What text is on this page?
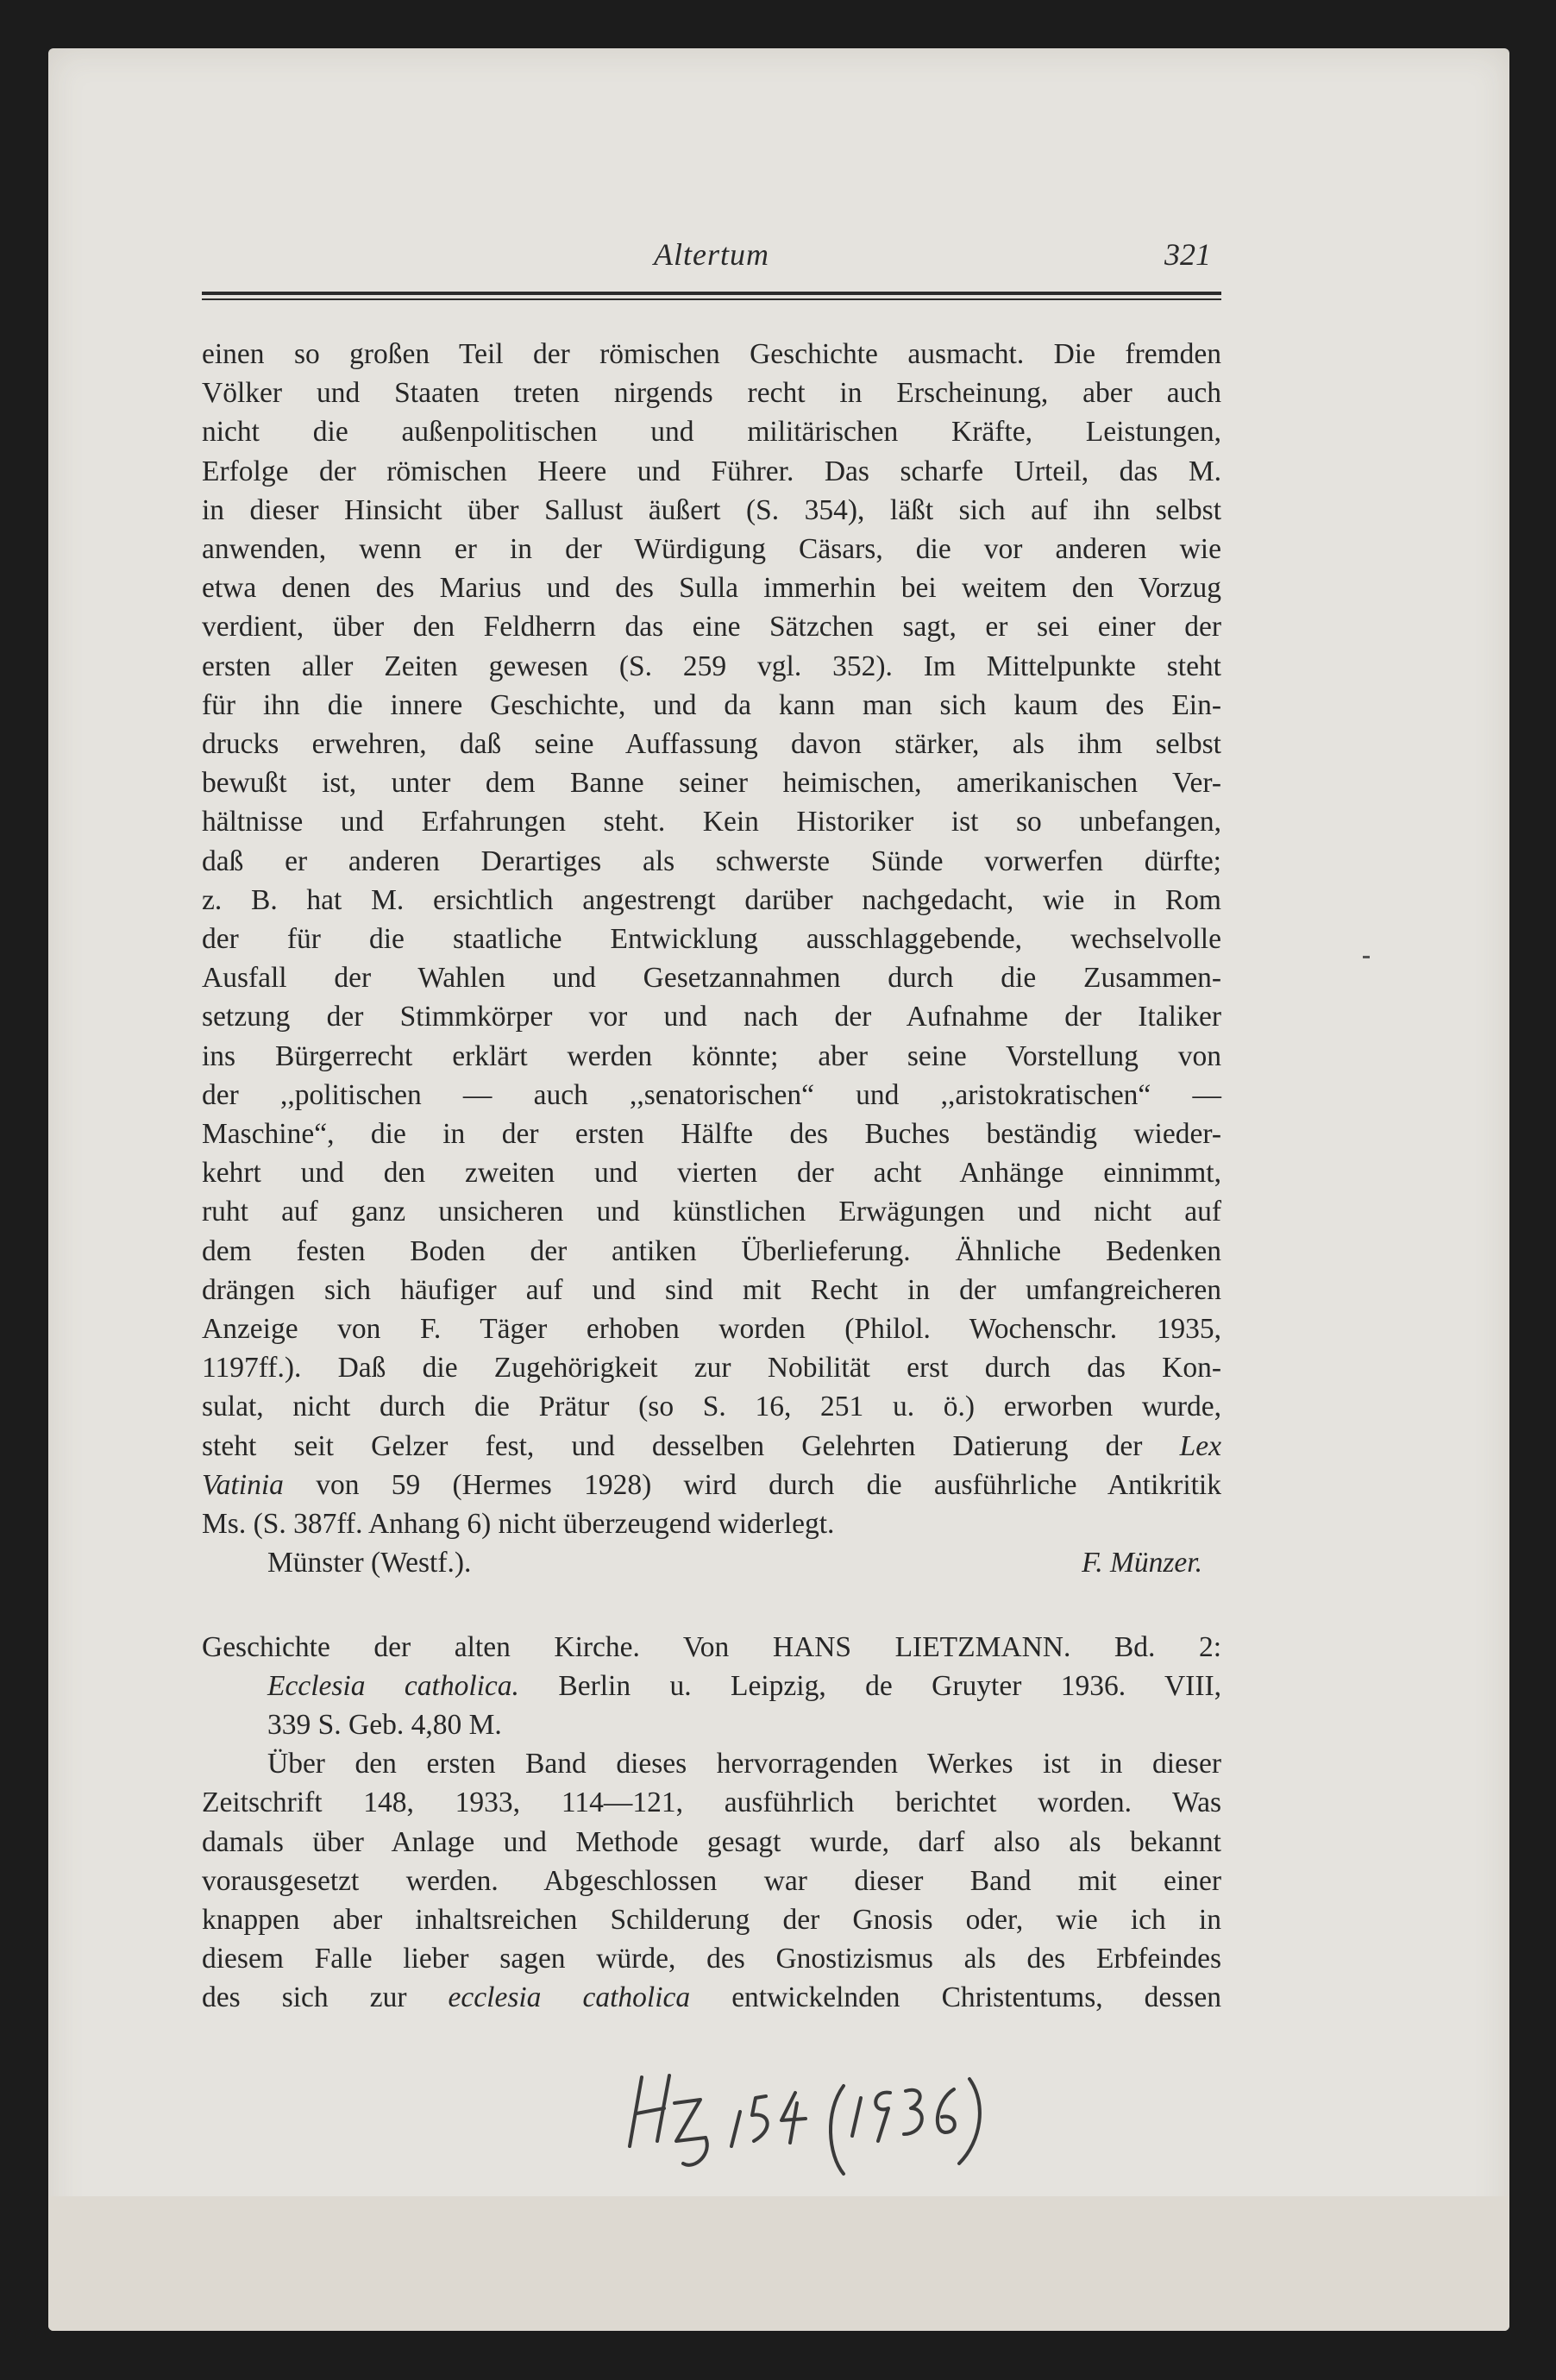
Altertum	321
einen so großen Teil der römischen Geschichte ausmacht. Die fremden
Völker und Staaten treten nirgends recht in Erscheinung, aber auch
nicht die außenpolitischen und militärischen Kräfte, Leistungen,
Erfolge der römischen Heere und Führer. Das scharfe Urteil, das M.
in dieser Hinsicht über Sallust äußert (S. 354), läßt sich auf ihn selbst
anwenden, wenn er in der Würdigung Cäsars, die vor anderen wie
etwa denen des Marius und des Sulla immerhin bei weitem den Vorzug
verdient, über den Feldherrn das eine Sätzchen sagt, er sei einer der
ersten aller Zeiten gewesen (S. 259 vgl. 352). Im Mittelpunkte steht
für ihn die innere Geschichte, und da kann man sich kaum des Ein-
drucks erwehren, daß seine Auffassung davon stärker, als ihm selbst
bewußt ist, unter dem Banne seiner heimischen, amerikanischen Ver-
hältnisse und Erfahrungen steht. Kein Historiker ist so unbefangen,
daß er anderen Derartiges als schwerste Sünde vorwerfen dürfte;
z. B. hat M. ersichtlich angestrengt darüber nachgedacht, wie in Rom
der für die staatliche Entwicklung ausschlaggebende, wechselvolle
Ausfall der Wahlen und Gesetzannahmen durch die Zusammen-
setzung der Stimmkörper vor und nach der Aufnahme der Italiker
ins Bürgerrecht erklärt werden könnte; aber seine Vorstellung von
der ,,politischen — auch ,,senatorischen“ und ,,aristokratischen“ —
Maschine“, die in der ersten Hälfte des Buches beständig wieder-
kehrt und den zweiten und vierten der acht Anhänge einnimmt,
ruht auf ganz unsicheren und künstlichen Erwägungen und nicht auf
dem festen Boden der antiken Überlieferung. Ähnliche Bedenken
drängen sich häufiger auf und sind mit Recht in der umfangreicheren
Anzeige von F. Täger erhoben worden (Philol. Wochenschr. 1935,
1197ff.). Daß die Zugehörigkeit zur Nobilität erst durch das Kon-
sulat, nicht durch die Prätur (so S. 16, 251 u. ö.) erworben wurde,
steht seit Gelzer fest, und desselben Gelehrten Datierung der Lex
Vatinia von 59 (Hermes 1928) wird durch die ausführliche Antikritik
Ms. (S. 387ff. Anhang 6) nicht überzeugend widerlegt.
Münster (Westf.).	F. Münzer.
Geschichte der alten Kirche. Von HANS LIETZMANN. Bd. 2:
Ecclesia catholica. Berlin u. Leipzig, de Gruyter 1936. VIII,
339 S. Geb. 4,80 M.
Über den ersten Band dieses hervorragenden Werkes ist in dieser
Zeitschrift 148, 1933, 114—121, ausführlich berichtet worden. Was
damals über Anlage und Methode gesagt wurde, darf also als bekannt
vorausgesetzt werden. Abgeschlossen war dieser Band mit einer
knappen aber inhaltsreichen Schilderung der Gnosis oder, wie ich in
diesem Falle lieber sagen würde, des Gnostizismus als des Erbfeindes
des sich zur ecclesia catholica entwickelnden Christentums, dessen
